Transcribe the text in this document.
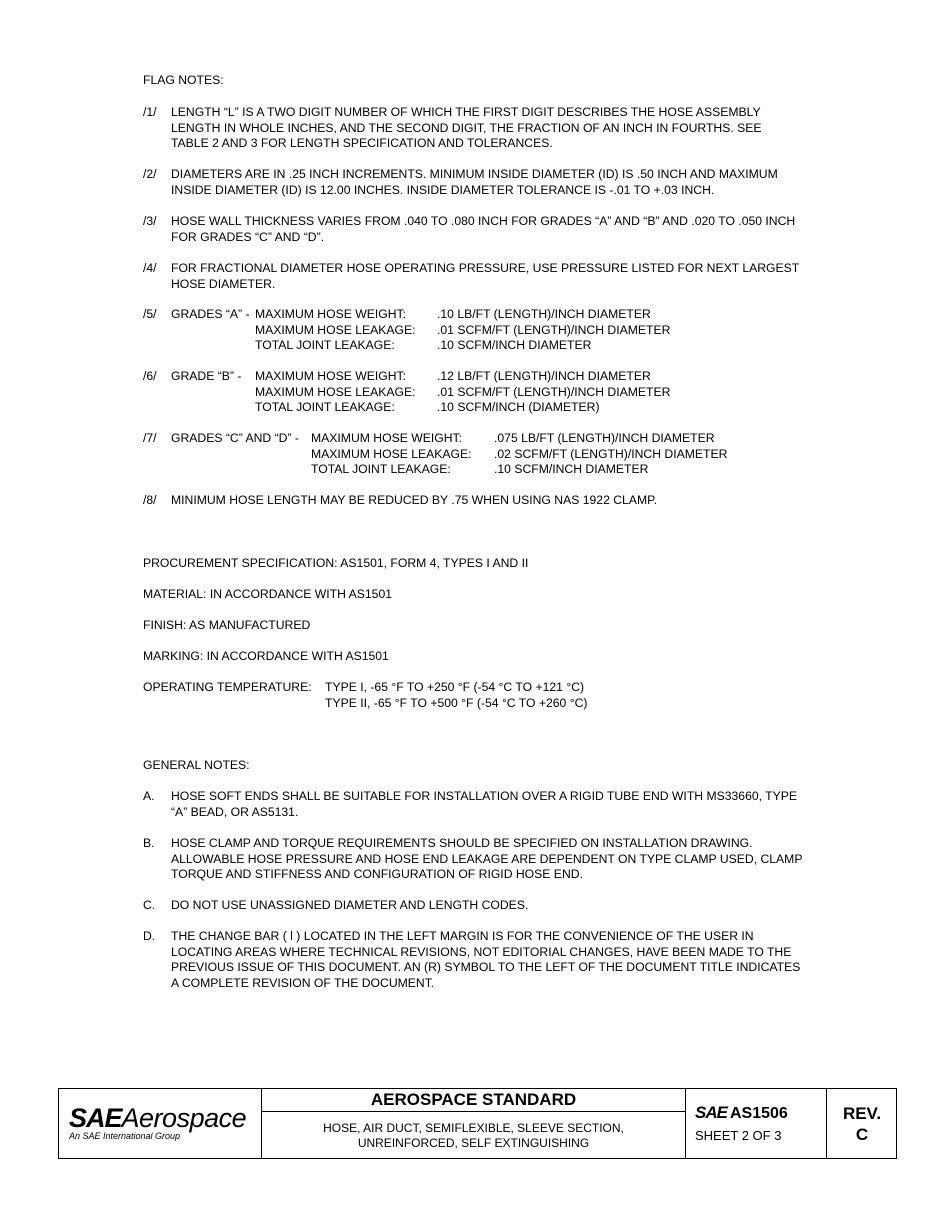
FLAG NOTES:
/1/ LENGTH “L” IS A TWO DIGIT NUMBER OF WHICH THE FIRST DIGIT DESCRIBES THE HOSE ASSEMBLY
LENGTH IN WHOLE INCHES, AND THE SECOND DIGIT, THE FRACTION OF AN INCH IN FOURTHS. SEE
TABLE 2 AND 3 FOR LENGTH SPECIFICATION AND TOLERANCES.
/2/ DIAMETERS ARE IN .25 INCH INCREMENTS. MINIMUM INSIDE DIAMETER (ID) IS .50 INCH AND MAXIMUM
INSIDE DIAMETER (ID) IS 12.00 INCHES. INSIDE DIAMETER TOLERANCE IS -.01 TO +.03 INCH.
/3/ HOSE WALL THICKNESS VARIES FROM .040 TO .080 INCH FOR GRADES “A” AND “B” AND .020 TO .050 INCH
FOR GRADES “C” AND “D”.
/4/ FOR FRACTIONAL DIAMETER HOSE OPERATING PRESSURE, USE PRESSURE LISTED FOR NEXT LARGEST
HOSE DIAMETER.
/5/ GRADES “A” - MAXIMUM HOSE WEIGHT:	.10 LB/FT (LENGTH)/INCH DIAMETER
MAXIMUM HOSE LEAKAGE: .01 SCFM/FT (LENGTH)/INCH DIAMETER
TOTAL JOINT LEAKAGE:	.10 SCFM/INCH DIAMETER
/6/ GRADE “B” - MAXIMUM HOSE WEIGHT:	.12 LB/FT (LENGTH)/INCH DIAMETER
MAXIMUM HOSE LEAKAGE: .01 SCFM/FT (LENGTH)/INCH DIAMETER
TOTAL JOINT LEAKAGE:	.10 SCFM/INCH (DIAMETER)
/7/ GRADES “C” AND “D” - MAXIMUM HOSE WEIGHT:	.075 LB/FT (LENGTH)/INCH DIAMETER
MAXIMUM HOSE LEAKAGE: .02 SCFM/FT (LENGTH)/INCH DIAMETER
TOTAL JOINT LEAKAGE:	.10 SCFM/INCH DIAMETER
/8/ MINIMUM HOSE LENGTH MAY BE REDUCED BY .75 WHEN USING NAS 1922 CLAMP.
PROCUREMENT SPECIFICATION: AS1501, FORM 4, TYPES I AND II
MATERIAL: IN ACCORDANCE WITH AS1501
FINISH: AS MANUFACTURED
MARKING: IN ACCORDANCE WITH AS1501
OPERATING TEMPERATURE: TYPE I, -65 °F TO +250 °F (-54 °C TO +121 °C)
TYPE II, -65 °F TO +500 °F (-54 °C TO +260 °C)
GENERAL NOTES:
A. HOSE SOFT ENDS SHALL BE SUITABLE FOR INSTALLATION OVER A RIGID TUBE END WITH MS33660, TYPE
“A” BEAD, OR AS5131.
B. HOSE CLAMP AND TORQUE REQUIREMENTS SHOULD BE SPECIFIED ON INSTALLATION DRAWING.
ALLOWABLE HOSE PRESSURE AND HOSE END LEAKAGE ARE DEPENDENT ON TYPE CLAMP USED, CLAMP
TORQUE AND STIFFNESS AND CONFIGURATION OF RIGID HOSE END.
C. DO NOT USE UNASSIGNED DIAMETER AND LENGTH CODES.
D. THE CHANGE BAR ( l ) LOCATED IN THE LEFT MARGIN IS FOR THE CONVENIENCE OF THE USER IN
LOCATING AREAS WHERE TECHNICAL REVISIONS, NOT EDITORIAL CHANGES, HAVE BEEN MADE TO THE
PREVIOUS ISSUE OF THIS DOCUMENT. AN (R) SYMBOL TO THE LEFT OF THE DOCUMENT TITLE INDICATES
A COMPLETE REVISION OF THE DOCUMENT.
SAEAerospace
An SAE International Group
AEROSPACE STANDARD
HOSE, AIR DUCT, SEMIFLEXIBLE, SLEEVE SECTION,
UNREINFORCED, SELF EXTINGUISHING
SAE AS1506
SHEET 2 OF 3
REV.
C
